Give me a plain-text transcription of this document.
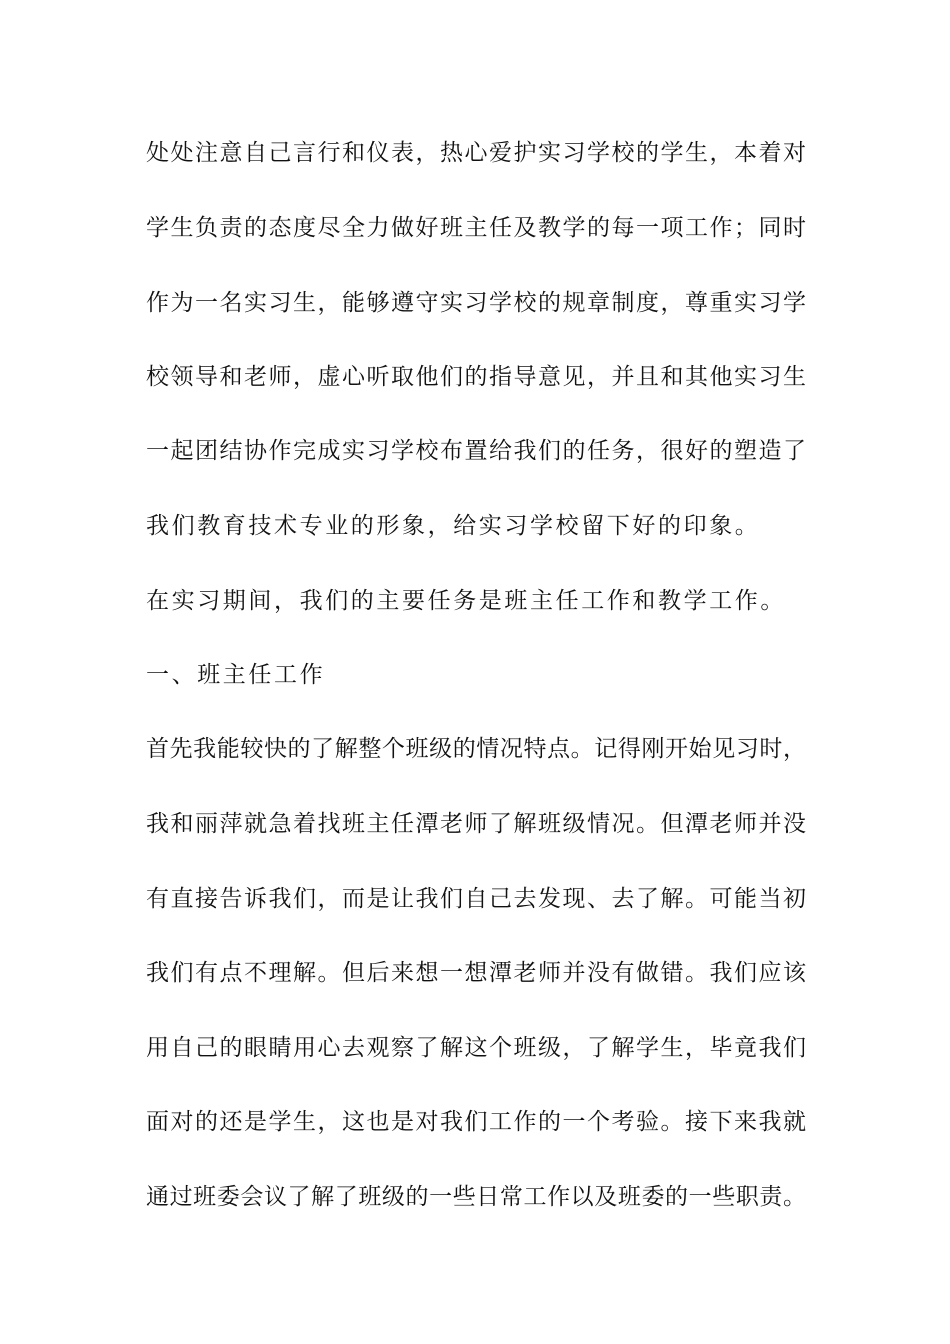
处处注意自己言行和仪表，热心爱护实习学校的学生，本着对
学生负责的态度尽全力做好班主任及教学的每一项工作；同时
作为一名实习生，能够遵守实习学校的规章制度，尊重实习学
校领导和老师，虚心听取他们的指导意见，并且和其他实习生
一起团结协作完成实习学校布置给我们的任务，很好的塑造了
我们教育技术专业的形象，给实习学校留下好的印象。
在实习期间，我们的主要任务是班主任工作和教学工作。
一、班主任工作
首先我能较快的了解整个班级的情况特点。记得刚开始见习时，
我和丽萍就急着找班主任潭老师了解班级情况。但潭老师并没
有直接告诉我们，而是让我们自己去发现、去了解。可能当初
我们有点不理解。但后来想一想潭老师并没有做错。我们应该
用自己的眼睛用心去观察了解这个班级，了解学生，毕竟我们
面对的还是学生，这也是对我们工作的一个考验。接下来我就
通过班委会议了解了班级的一些日常工作以及班委的一些职责。
